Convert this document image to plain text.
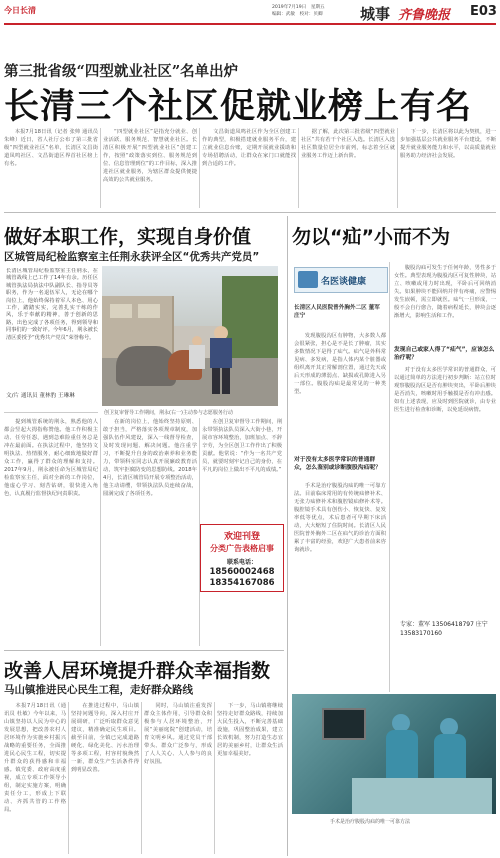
今日长清	2019年7月19日　星期五
编辑：武敏　校对：贝卿 城事 齐鲁晚报 E03
第三批省级“四型就业社区”名单出炉
长清三个社区促就业榜上有名
　　本报7月18日讯（记者 张帅 通讯员 朱峰）近日，省人社厅公布了第三批省级“四型就业社区”名单，长清区文昌街道凤鸣社区、文昌街道区界首社区榜上有名。
　　“四型就业社区”是指充分就业、创业活跃、服务规范、智慧就业社区。长清区积极开展“四型就业社区”创建工作，按照“政策落实到位、服务规范到位、信息管理到位”的工作目标，深入推进社区就业服务，为辖区群众提供便捷高效的公共就业服务。
　　文昌街道凤鸣社区作为全区创建工作的典型，积极搭建就业服务平台，建立就业信息台账，定期开展就业援助和专场招聘活动，让群众在家门口就能找到合适的工作。
　　据了解，此次第三批省级“四型就业社区”共有若干个社区入选。长清区入选社区数量位居全市前列，标志着全区就业服务工作迈上新台阶。
　　下一步，长清区将以此为契机，进一步加强基层公共就业服务平台建设，不断提升就业服务能力和水平，以高质量就业服务助力经济社会发展。
做好本职工作，实现自身价值
区城管局纪检监察室主任荆永获评全区“优秀共产党员”
长清区城管局纪检监察室主任荆永，在城管战线上已工作了14年有余。历任区城管执法局执法中队副队长、指导员等职务，作为一名退伍军人，无论在哪个岗位上，他始终保持着军人本色、用心工作，踏踏实实，完善扎实干练的作风，乐于奉献的精神，善于创新的思路，出色完成了各项任务，得到领导和同事们的一致好评。今年6月，荆永被长清区委授予“优秀共产党员”荣誉称号。
创卫复审督导工作期间，荆永(右一)主动参与志愿服务行动
文/片 通讯员 董林豹 王琳琳
　　提到城管系统的荆永，熟悉他的人都会竖起大拇指称赞他。他工作积极主动、任劳任怨，遇到急难险重任务总是冲在最前面。在执法过程中，他坚持文明执法、热情服务，耐心细致地做好群众工作，赢得了群众的理解和支持。2017年9月，荆永被任命为区城管局纪检监察室主任，面对全新的工作岗位，他虚心学习、刻苦钻研，很快进入角色，认真履行监督执纪问责职责。
　　在新的岗位上，他始终坚持原则、敢于担当，严格落实各项规章制度，加强队伍作风建设，深入一线督导检查，及时发现问题、解决问题。他注重学习，不断提升自身的政治素养和业务能力，带领科室同志认真开展廉政教育活动，筑牢拒腐防变的思想防线。2018年4月，长清区城管局开展专项整治活动，他主动请缨，带领执法队员连续奋战，圆满完成了各项任务。
　　在创卫复审督导工作期间，荆永带领执法队员深入大街小巷，开展市容环境整治，加班加点、不辞辛劳，为全区创卫工作作出了积极贡献。他常说：“作为一名共产党员，就要时刻牢记自己的身份，在平凡的岗位上做出不平凡的成绩。”
欢迎刊登
分类广告表格启事
联系电话：
18560002468
18354167086
勿以“疝”小而不为
名医谈健康
长清区人民医院普外胸外二区 董军 庄宁
　　发现腹股沟区有肿物，大多数人都会很紧张，担心是不是长了肿瘤，其实多数情况下是得了疝气。疝气是外科常见病、多发病，是指人体内某个脏器或组织离开其正常解剖位置，通过先天或后天形成的薄弱点、缺损或孔隙进入另一部位。腹股沟疝是最常见的一种类型。
　　腹股沟疝可发生于任何年龄，男性多于女性。典型表现为腹股沟区可复性肿块，站立、咳嗽或用力时出现，平卧后可回纳消失。如果肿块不能回纳并伴有疼痛，应警惕发生嵌顿，需立即就医。疝气一旦形成，一般不会自行愈合，随着病程延长，肿块会逐渐增大，影响生活和工作。
发现自己或家人得了“疝气”，应该怎么治疗呢？
　　对于没有太多医学常识的普通群众，可以通过简单的方法进行初步判断：站立位时观察腹股沟区是否有肿块突出，平卧后肿块是否消失，咳嗽时用手触摸是否有冲击感。如有上述表现，应及时到医院就诊，由专业医生进行检查和诊断，以免延误病情。
对于没有太多医学常识的普通群众，怎么鉴别或诊断腹股沟疝呢？
　　手术是治疗腹股沟疝的唯一可靠方法。目前临床常用的有传统疝修补术、无张力疝修补术和腹腔镜疝修补术等。腹腔镜手术具有创伤小、恢复快、复发率低等优点，术后患者可早期下床活动，大大缩短了住院时间。长清区人民医院普外胸外二区在疝气的诊治方面积累了丰富的经验，欢迎广大患者前来咨询就诊。
专家：董军 13506418797 庄宁 13583170160
手术是治疗腹股沟疝的唯一可靠方法
改善人居环境提升群众幸福指数
马山镇推进民心民生工程，走好群众路线
　　本报7月18日讯（通讯员 杜敏）今年以来，马山镇坚持以人民为中心的发展思想，把改善农村人居环境作为实施乡村振兴战略的重要任务，全面推进民心民生工程，切实提升群众的获得感和幸福感。镇党委、政府高度重视，成立专项工作领导小组，制定实施方案，明确责任分工，形成上下联动、齐抓共管的工作格局。
　　在推进过程中，马山镇坚持问题导向，深入村庄开展调研，广泛听取群众意见建议，精准确定民生项目。截至目前，全镇已完成道路硬化、绿化美化、污水治理等多项工程，村容村貌焕然一新，群众生产生活条件得到明显改善。
　　同时，马山镇注重发挥群众主体作用，引导群众积极参与人居环境整治，开展“美丽庭院”创建活动，培育文明乡风。通过党员干部带头、群众广泛参与，形成了人人关心、人人参与的良好氛围。
　　下一步，马山镇将继续坚持走好群众路线，持续加大民生投入，不断完善基础设施，巩固整治成果，建立长效机制，努力打造生态宜居的美丽乡村，让群众生活更加幸福美好。
